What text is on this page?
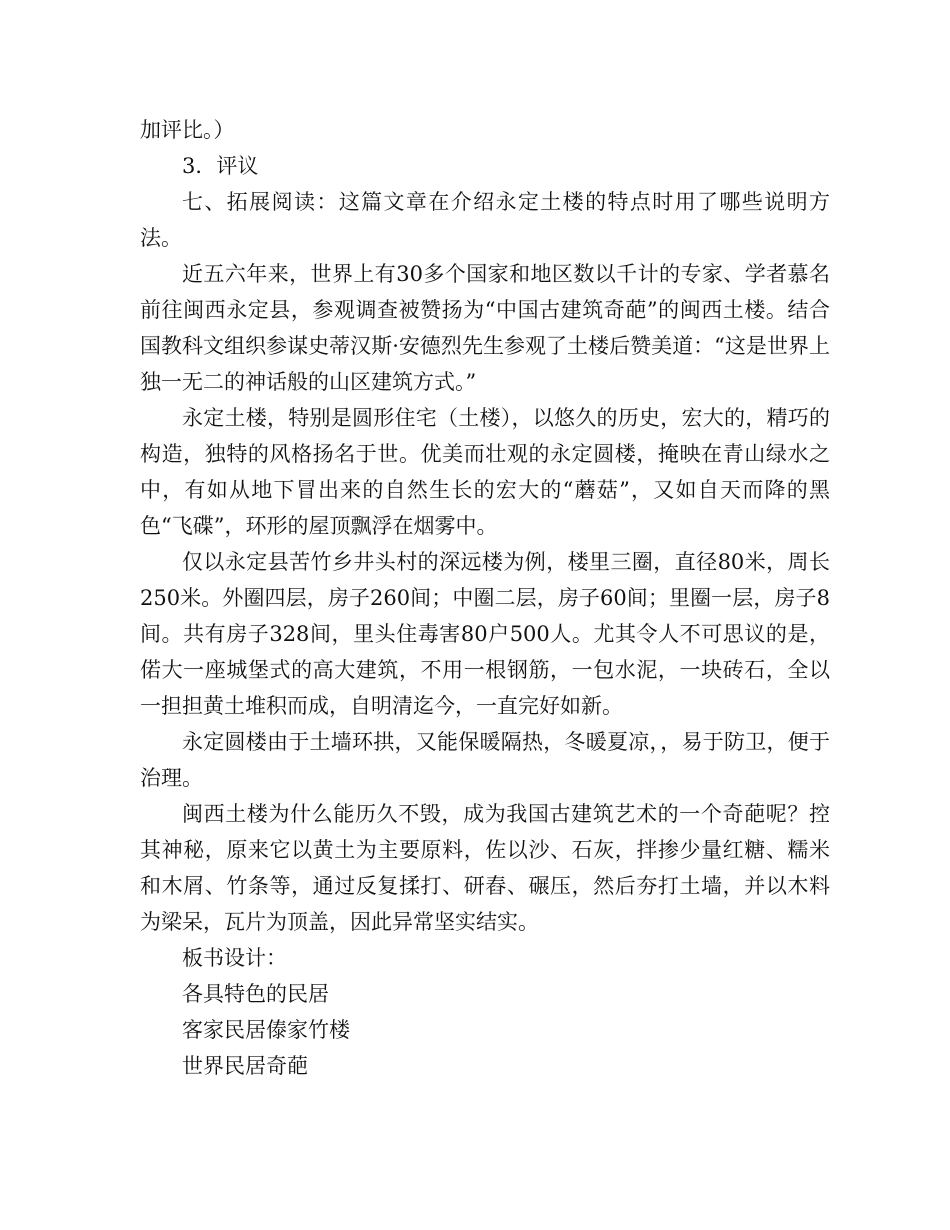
加评比。）

3．评议

七、拓展阅读：这篇文章在介绍永定土楼的特点时用了哪些说明方法。

近五六年来，世界上有30多个国家和地区数以千计的专家、学者慕名前往闽西永定县，参观调查被赞扬为“中国古建筑奇葩”的闽西土楼。结合国教科文组织参谋史蒂汉斯·安德烈先生参观了土楼后赞美道：“这是世界上独一无二的神话般的山区建筑方式。”

永定土楼，特别是圆形住宅（土楼），以悠久的历史，宏大的，精巧的构造，独特的风格扬名于世。优美而壮观的永定圆楼，掩映在青山绿水之中，有如从地下冒出来的自然生长的宏大的“蘑菇”，又如自天而降的黑色“飞碟”，环形的屋顶飘浮在烟雾中。

仅以永定县苦竹乡井头村的深远楼为例，楼里三圈，直径80米，周长250米。外圈四层，房子260间；中圈二层，房子60间；里圈一层，房子8间。共有房子328间，里头住毒害80户500人。尤其令人不可思议的是，偌大一座城堡式的高大建筑，不用一根钢筋，一包水泥，一块砖石，全以一担担黄土堆积而成，自明清迄今，一直完好如新。

永定圆楼由于土墙环拱，又能保暖隔热，冬暖夏凉，，易于防卫，便于治理。

闽西土楼为什么能历久不毁，成为我国古建筑艺术的一个奇葩呢？控其神秘，原来它以黄土为主要原料，佐以沙、石灰，拌掺少量红糖、糯米和木屑、竹条等，通过反复揉打、研舂、碾压，然后夯打土墙，并以木料为梁呆，瓦片为顶盖，因此异常坚实结实。

板书设计：

各具特色的民居

客家民居傣家竹楼

世界民居奇葩
